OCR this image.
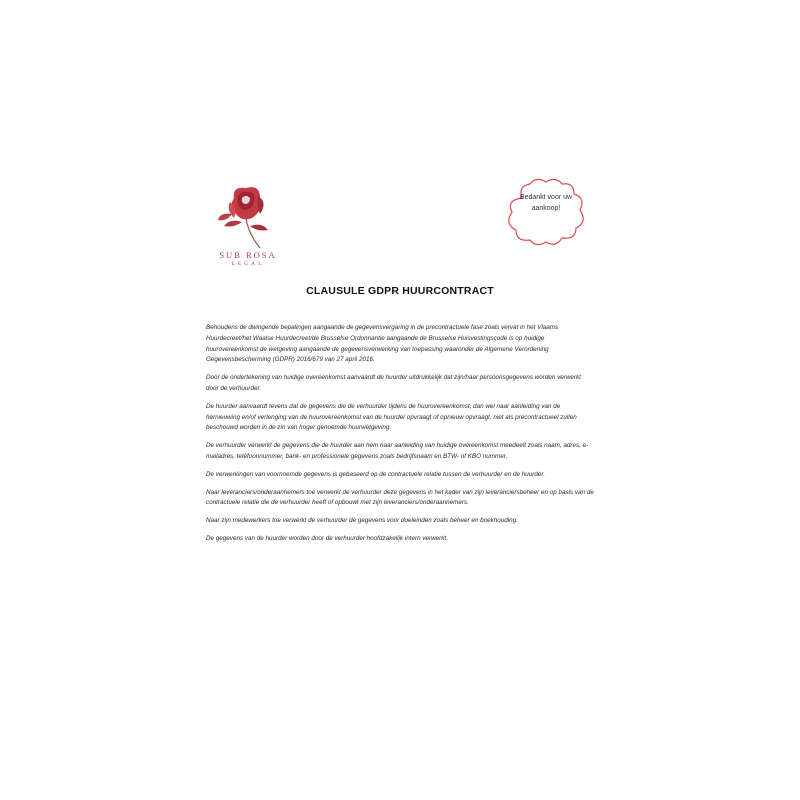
SUB ROSA
LEGAL
Bedankt voor uw aankoop!
CLAUSULE GDPR HUURCONTRACT

Behoudens de dwingende bepalingen aangaande de gegevensvergaring in de precontractuele fase zoals vervat in het Vlaams Huurdecreet/het Waalse Huurdecreet/de Brusselse Ordonnantie aangaande de Brusselse Huisvestingscode is op huidige huurovereenkomst de wetgeving aangaande de gegevensverwerking van toepassing waaronder de Algemene Verordening Gegevensbescherming (GDPR) 2016/679 van 27 april 2016.

Door de ondertekening van huidige overeenkomst aanvaardt de huurder uitdrukkelijk dat zijn/haar persoonsgegevens worden verwerkt door de verhuurder.

De huurder aanvaardt tevens dat de gegevens die de verhuurder tijdens de huurovereenkomst, dan wel naar aanleiding van de hernieuwing en/of verlenging van de huurovereenkomst van de huurder opvraagt of opnieuw opvraagt, niet als precontractueel zullen beschouwd worden in de zin van hoger genoemde huurwetgeving.

De verhuurder verwerkt de gegevens die de huurder aan hem naar aanleiding van huidige overeenkomst meedeelt zoals naam, adres, e-mailadres, telefoonnummer, bank- en professionele gegevens zoals bedrijfsnaam en BTW- of KBO nummer.

De verwerkingen van voornoemde gegevens is gebaseerd op de contractuele relatie tussen de verhuurder en de huurder.

Naar leveranciers/onderaannemers toe verwerkt de verhuurder deze gegevens in het kader van zijn leveranciersbeheer en op basis van de contractuele relatie die de verhuurder heeft of opbouwt met zijn leveranciers/onderaannemers.

Naar zijn medewerkers toe verwerkt de verhuurder de gegevens voor doeleinden zoals beheer en boekhouding.

De gegevens van de huurder worden door de verhuurder hoofdzakelijk intern verwerkt.
